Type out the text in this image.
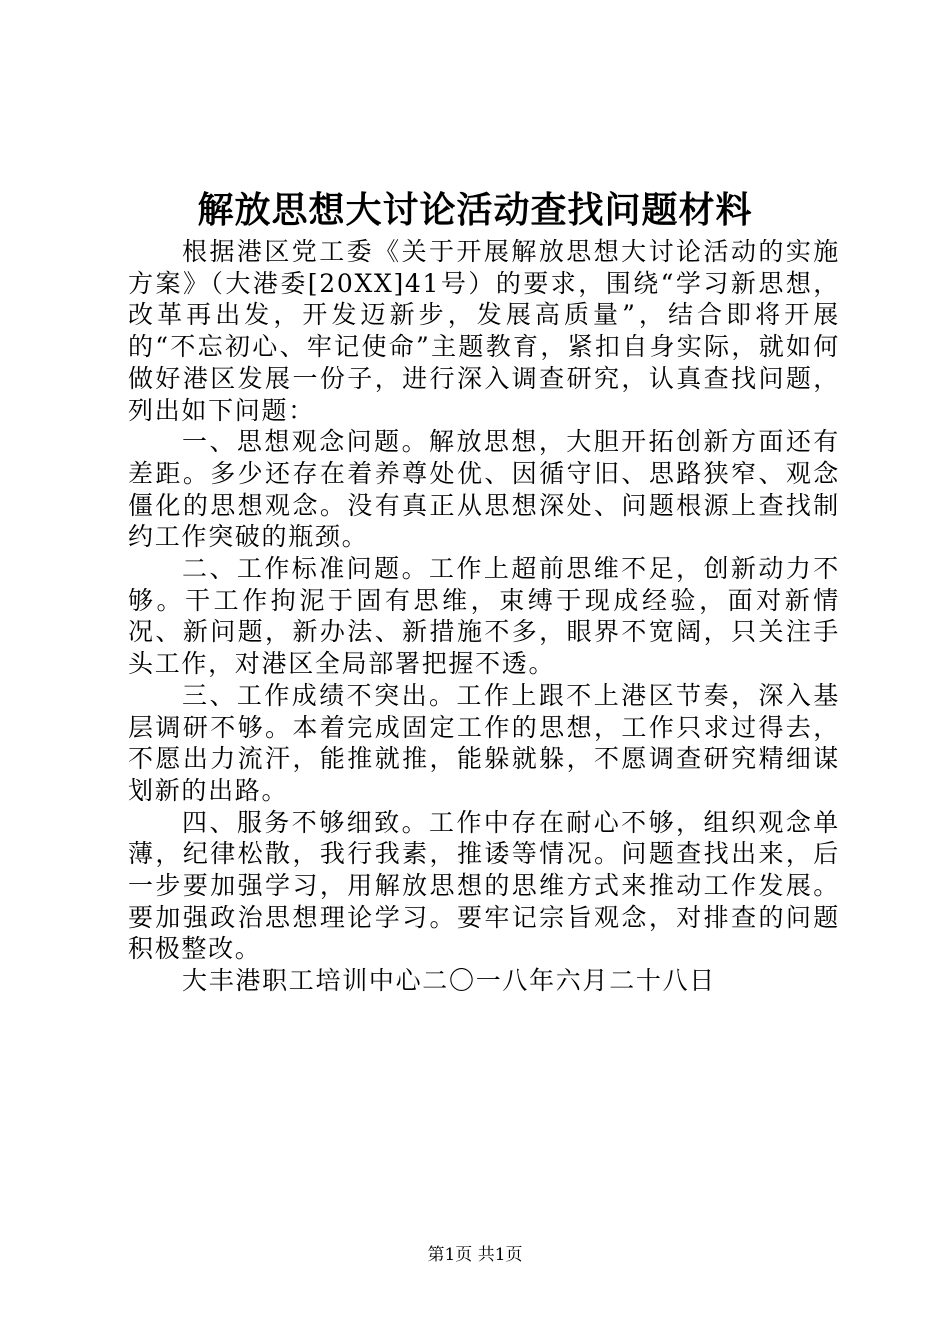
解放思想大讨论活动查找问题材料

根据港区党工委《关于开展解放思想大讨论活动的实施方案》（大港委[20XX]41号）的要求，围绕“学习新思想，改革再出发，开发迈新步，发展高质量”，结合即将开展的“不忘初心、牢记使命”主题教育，紧扣自身实际，就如何做好港区发展一份子，进行深入调查研究，认真查找问题，列出如下问题：

一、思想观念问题。解放思想，大胆开拓创新方面还有差距。多少还存在着养尊处优、因循守旧、思路狭窄、观念僵化的思想观念。没有真正从思想深处、问题根源上查找制约工作突破的瓶颈。

二、工作标准问题。工作上超前思维不足，创新动力不够。干工作拘泥于固有思维，束缚于现成经验，面对新情况、新问题，新办法、新措施不多，眼界不宽阔，只关注手头工作，对港区全局部署把握不透。

三、工作成绩不突出。工作上跟不上港区节奏，深入基层调研不够。本着完成固定工作的思想，工作只求过得去，不愿出力流汗，能推就推，能躲就躲，不愿调查研究精细谋划新的出路。

四、服务不够细致。工作中存在耐心不够，组织观念单薄，纪律松散，我行我素，推诿等情况。问题查找出来，后一步要加强学习，用解放思想的思维方式来推动工作发展。要加强政治思想理论学习。要牢记宗旨观念，对排查的问题积极整改。

大丰港职工培训中心二〇一八年六月二十八日

第1页 共1页
